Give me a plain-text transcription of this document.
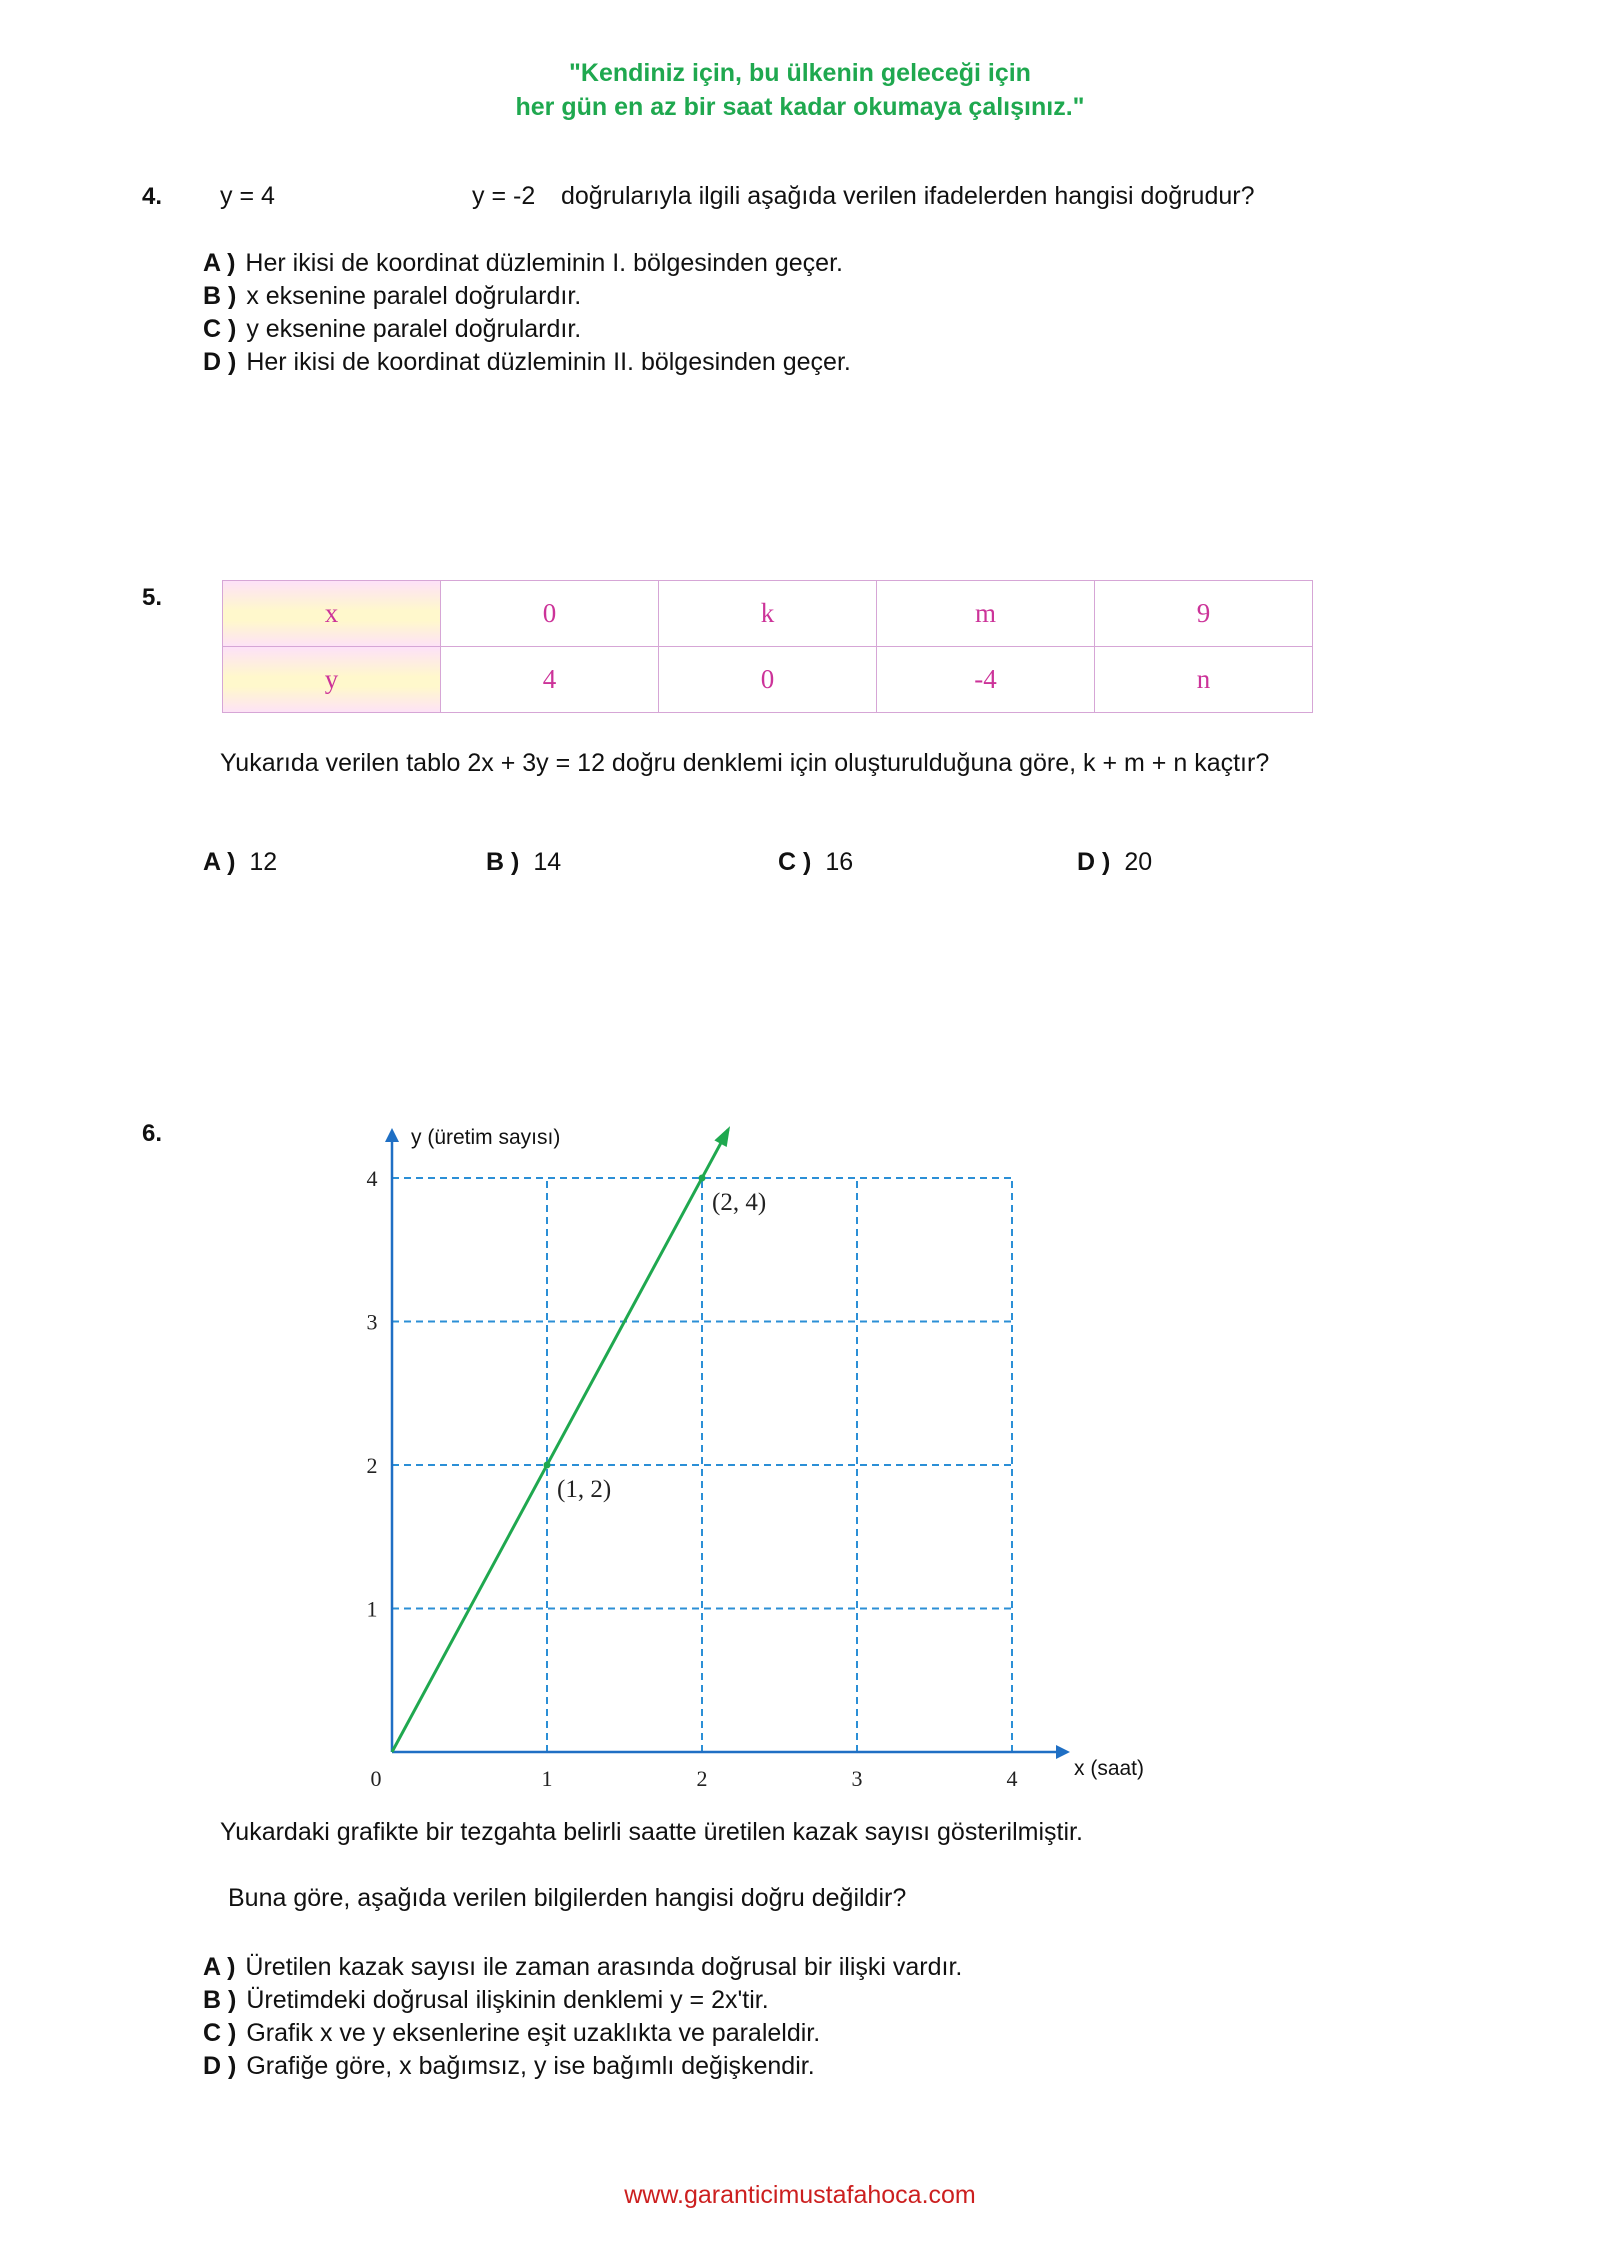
"Kendiniz için, bu ülkenin geleceği için
her gün en az bir saat kadar okumaya çalışınız."
4. y = 4	y = -2 doğrularıyla ilgili aşağıda verilen ifadelerden hangisi doğrudur?
A ) Her ikisi de koordinat düzleminin I. bölgesinden geçer.
B ) x eksenine paralel doğrulardır.
C ) y eksenine paralel doğrulardır.
D ) Her ikisi de koordinat düzleminin II. bölgesinden geçer.
5.
x	0	k	m	9
y	4	0	-4	n
Yukarıda verilen tablo 2x + 3y = 12 doğru denklemi için oluşturulduğuna göre, k + m + n kaçtır?
A ) 12	B ) 14	C ) 16	D ) 20
6.
0	1	2	3	4
1
2
3
4
x (saat)
y (üretim sayısı)
(1, 2)
(2, 4)
Yukardaki grafikte bir tezgahta belirli saatte üretilen kazak sayısı gösterilmiştir.
Buna göre, aşağıda verilen bilgilerden hangisi doğru değildir?
A ) Üretilen kazak sayısı ile zaman arasında doğrusal bir ilişki vardır.
B ) Üretimdeki doğrusal ilişkinin denklemi y = 2x'tir.
C ) Grafik x ve y eksenlerine eşit uzaklıkta ve paraleldir.
D ) Grafiğe göre, x bağımsız, y ise bağımlı değişkendir.
www.garanticimustafahoca.com
